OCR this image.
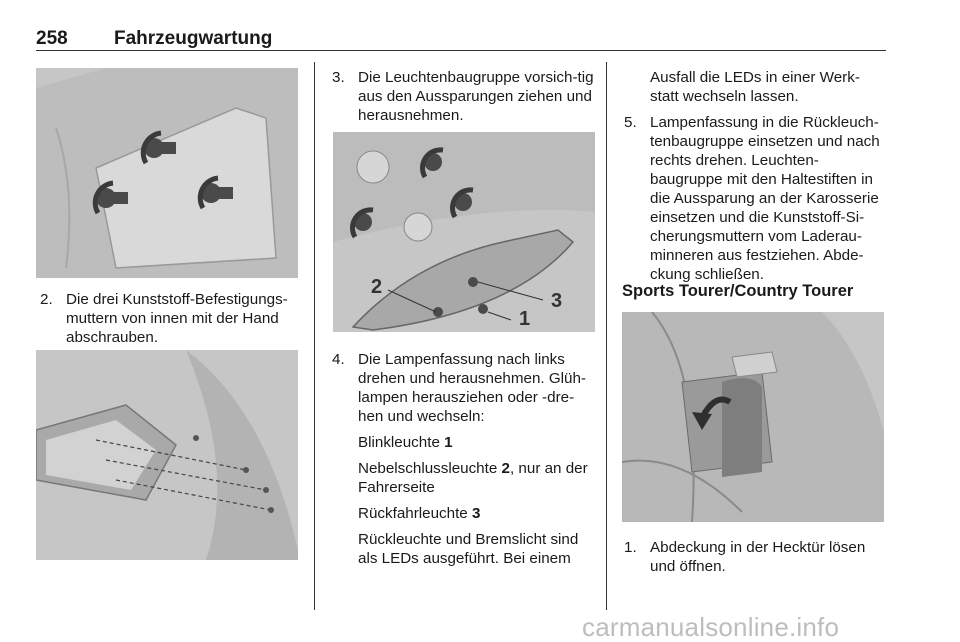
258 Fahrzeugwartung
2. Die drei Kunststoff-Befestigungs-muttern von innen mit der Hand abschrauben.
3. Die Leuchtenbaugruppe vorsich-tig aus den Aussparungen ziehen und herausnehmen.
2
1
3
4. Die Lampenfassung nach links drehen und herausnehmen. Glüh-lampen herausziehen oder -dre-hen und wechseln:
Blinkleuchte 1
Nebelschlussleuchte 2, nur an der Fahrerseite
Rückfahrleuchte 3
Rückleuchte und Bremslicht sind als LEDs ausgeführt. Bei einem
Ausfall die LEDs in einer Werk-statt wechseln lassen.
5. Lampenfassung in die Rückleuch-tenbaugruppe einsetzen und nach rechts drehen. Leuchten-baugruppe mit den Haltestiften in die Aussparung an der Karosserie einsetzen und die Kunststoff-Si-cherungsmuttern vom Laderau-minneren aus festziehen. Abde-ckung schließen.
Sports Tourer/Country Tourer
1. Abdeckung in der Hecktür lösen und öffnen.
carmanualsonline.info
